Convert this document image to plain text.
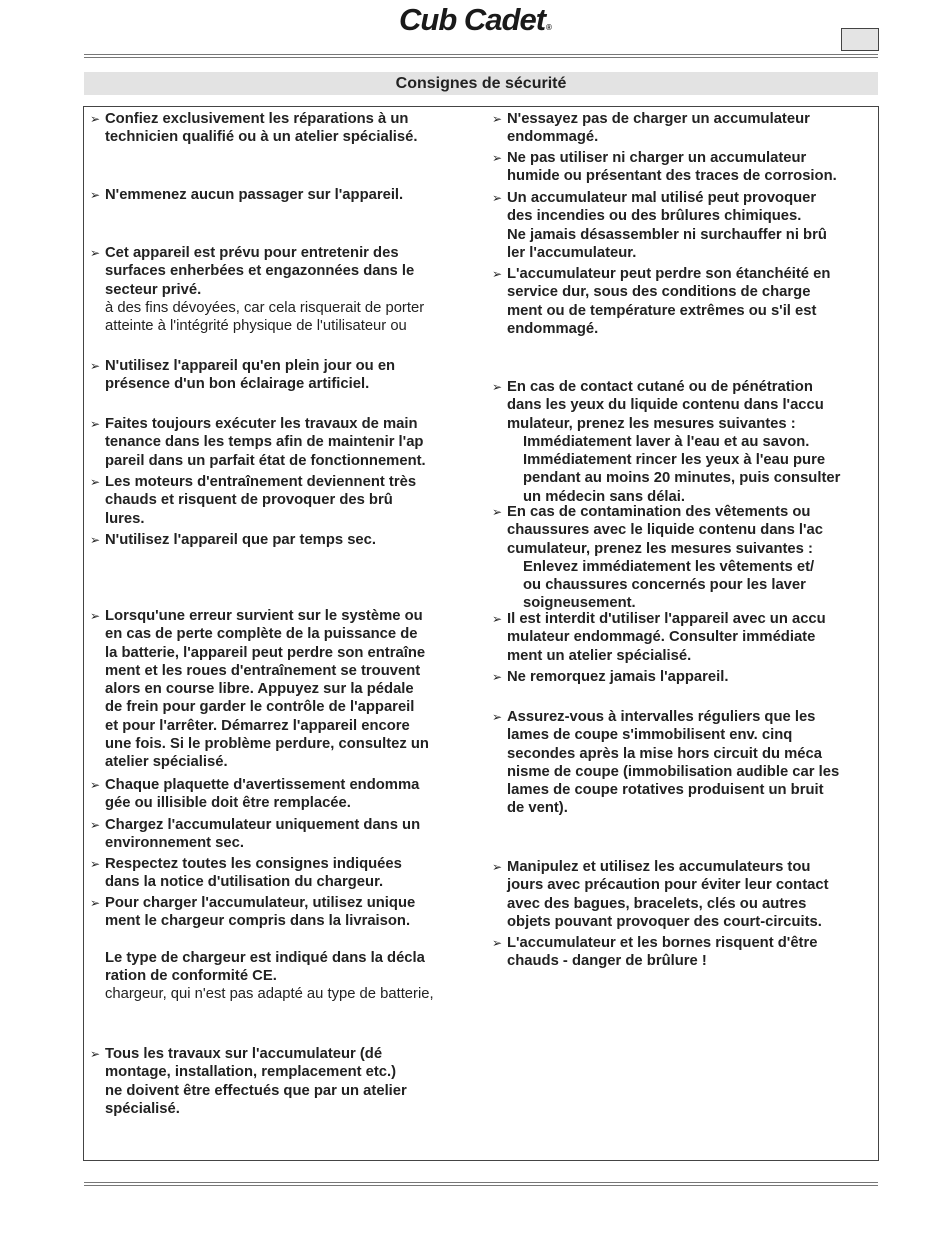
Cub Cadet®
Consignes de sécurité
➢ Confiez exclusivement les réparations à un
technicien qualifié ou à un atelier spécialisé.
➢ N'emmenez aucun passager sur l'appareil.
➢ Cet appareil est prévu pour entretenir des
surfaces enherbées et engazonnées dans le
secteur privé.
à des fins dévoyées, car cela risquerait de porter
atteinte à l'intégrité physique de l'utilisateur ou
➢ N'utilisez l'appareil qu'en plein jour ou en
présence d'un bon éclairage artificiel.
➢ Faites toujours exécuter les travaux de main
tenance dans les temps afin de maintenir l'ap
pareil dans un parfait état de fonctionnement.
➢ Les moteurs d'entraînement deviennent très
chauds et risquent de provoquer des brû
lures.
➢ N'utilisez l'appareil que par temps sec.
➢ Lorsqu'une erreur survient sur le système ou
en cas de perte complète de la puissance de
la batterie, l'appareil peut perdre son entraîne
ment et les roues d'entraînement se trouvent
alors en course libre. Appuyez sur la pédale
de frein pour garder le contrôle de l'appareil
et pour l'arrêter. Démarrez l'appareil encore
une fois. Si le problème perdure, consultez un
atelier spécialisé.
➢ Chaque plaquette d'avertissement endomma
gée ou illisible doit être remplacée.
➢ Chargez l'accumulateur uniquement dans un
environnement sec.
➢ Respectez toutes les consignes indiquées
dans la notice d'utilisation du chargeur.
➢ Pour charger l'accumulateur, utilisez unique
ment le chargeur compris dans la livraison.
Le type de chargeur est indiqué dans la décla
ration de conformité CE.
chargeur, qui n'est pas adapté au type de batterie,
➢ Tous les travaux sur l'accumulateur (dé
montage, installation, remplacement etc.)
ne doivent être effectués que par un atelier
spécialisé.
➢ N'essayez pas de charger un accumulateur
endommagé.
➢ Ne pas utiliser ni charger un accumulateur
humide ou présentant des traces de corrosion.
➢ Un accumulateur mal utilisé peut provoquer
des incendies ou des brûlures chimiques.
Ne jamais désassembler ni surchauffer ni brû
ler l'accumulateur.
➢ L'accumulateur peut perdre son étanchéité en
service dur, sous des conditions de charge
ment ou de température extrêmes ou s'il est
endommagé.
➢ En cas de contact cutané ou de pénétration
dans les yeux du liquide contenu dans l'accu
mulateur, prenez les mesures suivantes :
Immédiatement laver à l'eau et au savon.
Immédiatement rincer les yeux à l'eau pure
pendant au moins 20 minutes, puis consulter
un médecin sans délai.
➢ En cas de contamination des vêtements ou
chaussures avec le liquide contenu dans l'ac
cumulateur, prenez les mesures suivantes :
Enlevez immédiatement les vêtements et/
ou chaussures concernés pour les laver
soigneusement.
➢ Il est interdit d'utiliser l'appareil avec un accu
mulateur endommagé. Consulter immédiate
ment un atelier spécialisé.
➢ Ne remorquez jamais l'appareil.
➢ Assurez-vous à intervalles réguliers que les
lames de coupe s'immobilisent env. cinq
secondes après la mise hors circuit du méca
nisme de coupe (immobilisation audible car les
lames de coupe rotatives produisent un bruit
de vent).
➢ Manipulez et utilisez les accumulateurs tou
jours avec précaution pour éviter leur contact
avec des bagues, bracelets, clés ou autres
objets pouvant provoquer des court-circuits.
➢ L'accumulateur et les bornes risquent d'être
chauds - danger de brûlure !
